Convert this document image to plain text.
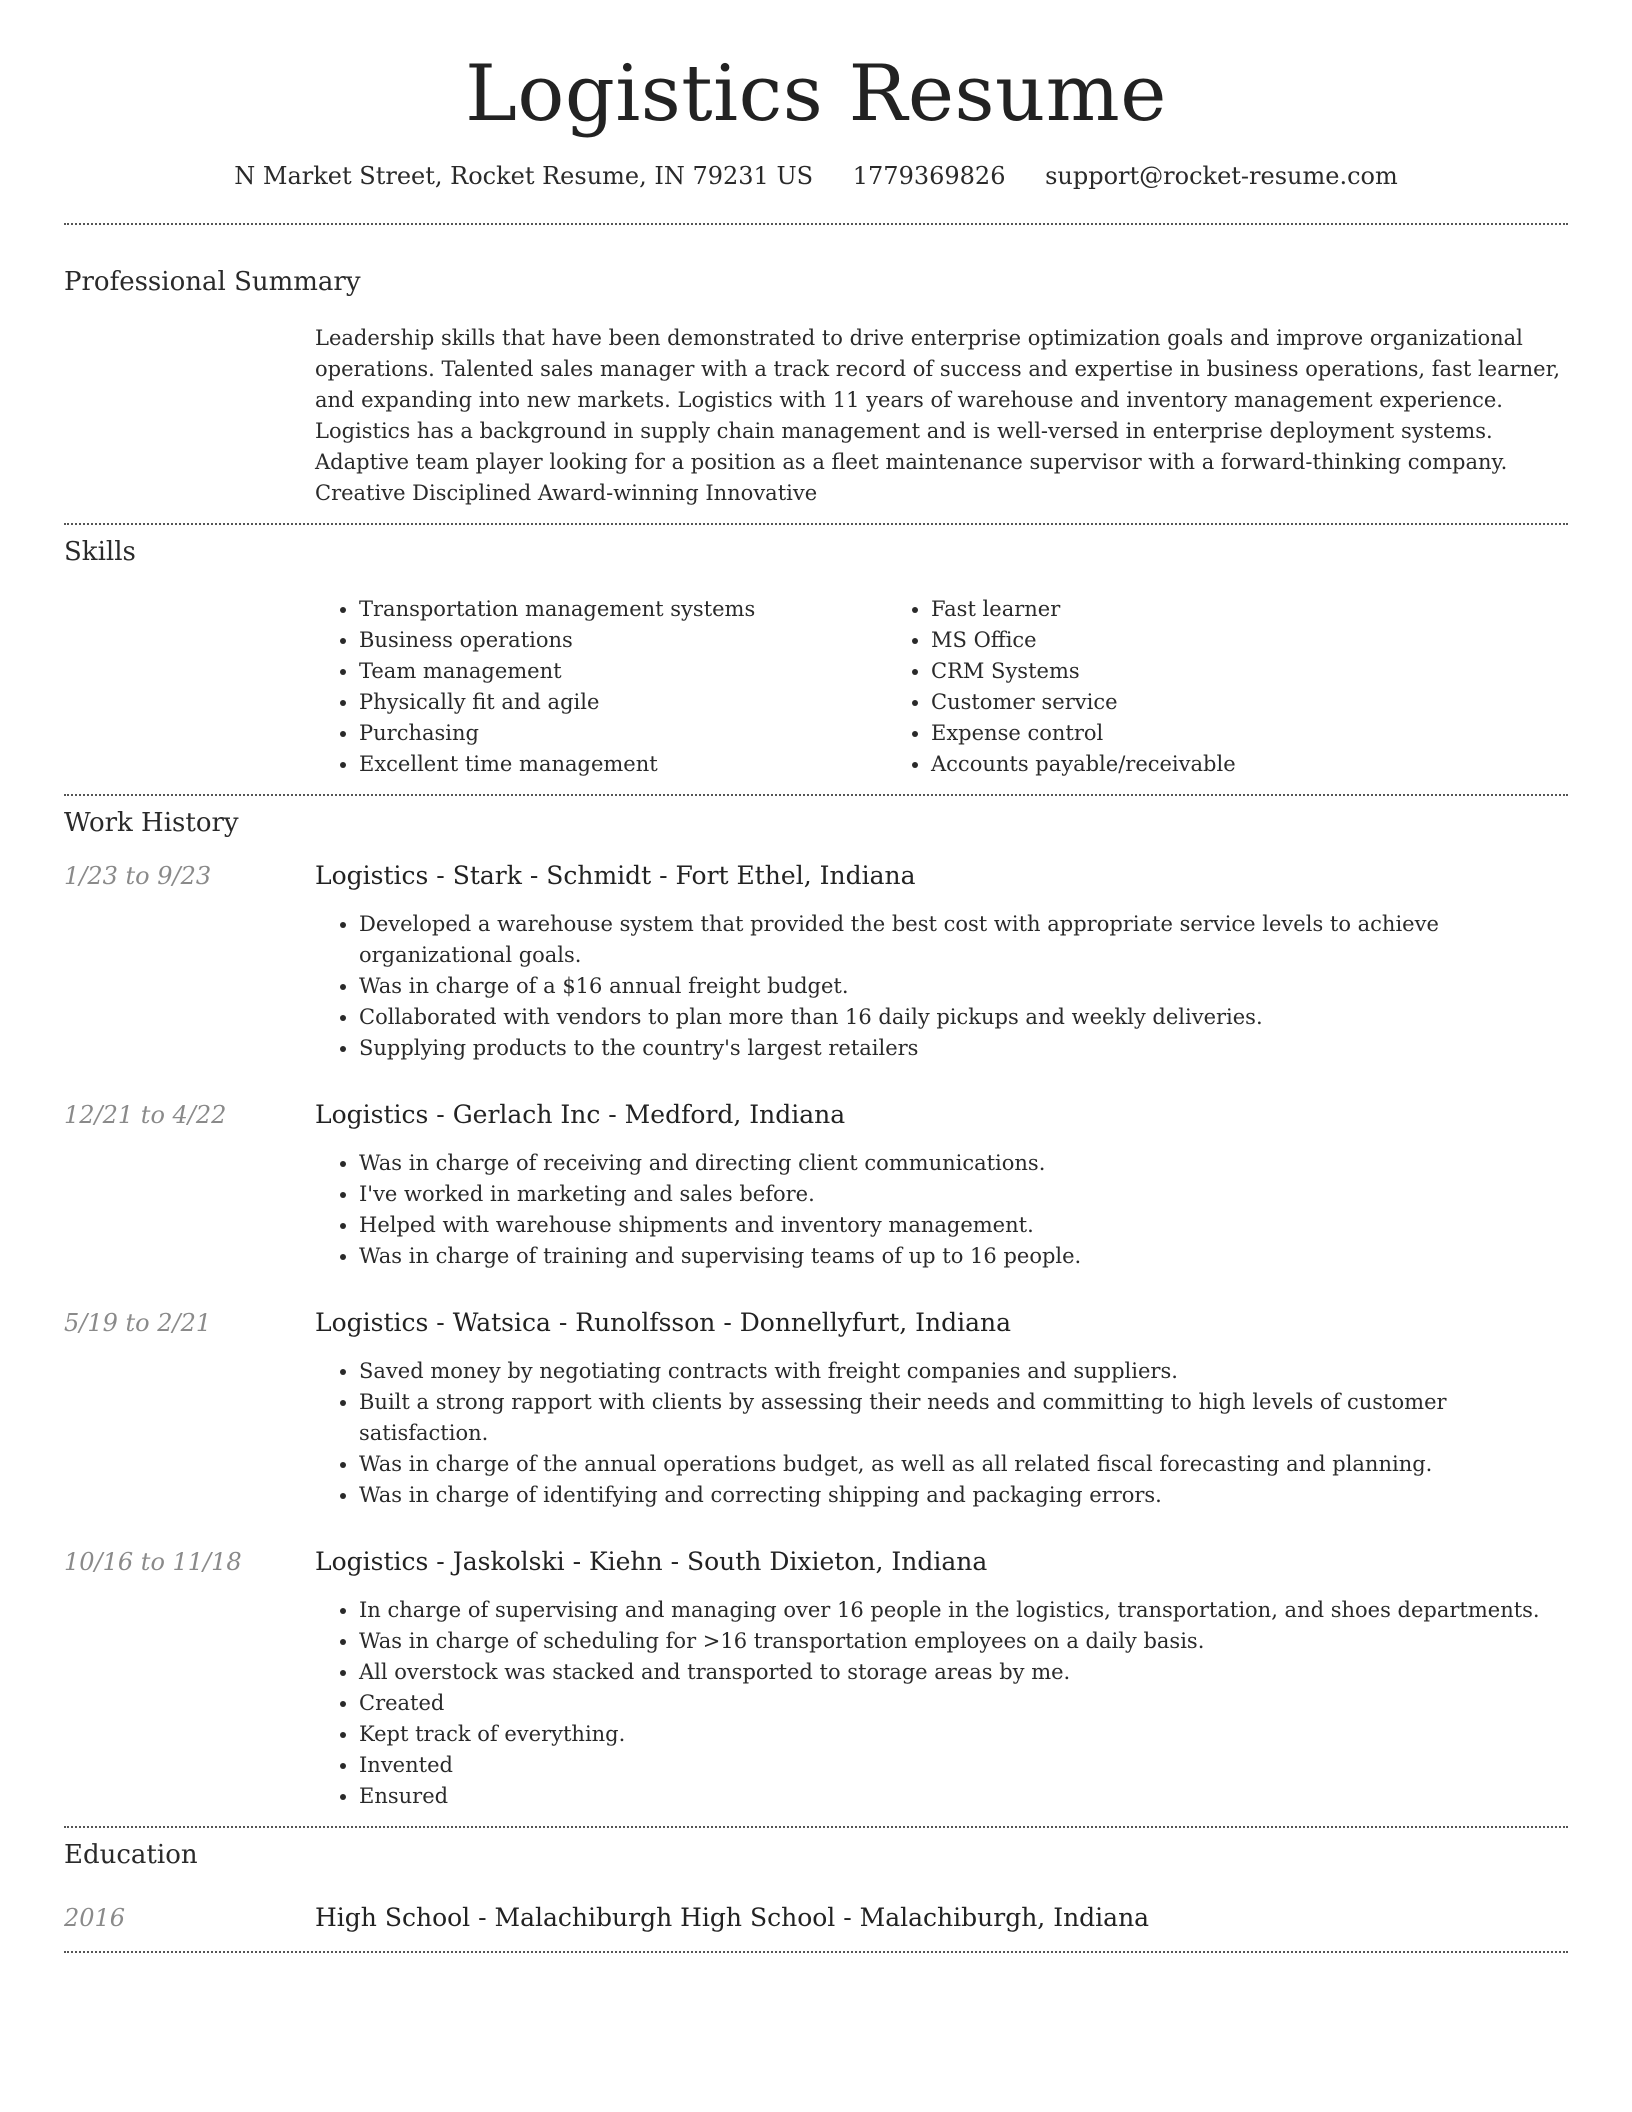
Logistics Resume
N Market Street, Rocket Resume, IN 79231 US 1779369826 support@rocket-resume.com
Professional Summary

Leadership skills that have been demonstrated to drive enterprise optimization goals and improve organizational operations. Talented sales manager with a track record of success and expertise in business operations, fast learner, and expanding into new markets. Logistics with 11 years of warehouse and inventory management experience. Logistics has a background in supply chain management and is well-versed in enterprise deployment systems. Adaptive team player looking for a position as a fleet maintenance supervisor with a forward-thinking company. Creative Disciplined Award-winning Innovative

Skills
• Transportation management systems
• Business operations
• Team management
• Physically fit and agile
• Purchasing
• Excellent time management
• Fast learner
• MS Office
• CRM Systems
• Customer service
• Expense control
• Accounts payable/receivable
Work History
1/23 to 9/23	Logistics - Stark - Schmidt - Fort Ethel, Indiana
• Developed a warehouse system that provided the best cost with appropriate service levels to achieve organizational goals.
• Was in charge of a $16 annual freight budget.
• Collaborated with vendors to plan more than 16 daily pickups and weekly deliveries.
• Supplying products to the country's largest retailers
12/21 to 4/22	Logistics - Gerlach Inc - Medford, Indiana
• Was in charge of receiving and directing client communications.
• I've worked in marketing and sales before.
• Helped with warehouse shipments and inventory management.
• Was in charge of training and supervising teams of up to 16 people.
5/19 to 2/21	Logistics - Watsica - Runolfsson - Donnellyfurt, Indiana
• Saved money by negotiating contracts with freight companies and suppliers.
• Built a strong rapport with clients by assessing their needs and committing to high levels of customer satisfaction.
• Was in charge of the annual operations budget, as well as all related fiscal forecasting and planning.
• Was in charge of identifying and correcting shipping and packaging errors.
10/16 to 11/18	Logistics - Jaskolski - Kiehn - South Dixieton, Indiana
• In charge of supervising and managing over 16 people in the logistics, transportation, and shoes departments.
• Was in charge of scheduling for >16 transportation employees on a daily basis.
• All overstock was stacked and transported to storage areas by me.
• Created
• Kept track of everything.
• Invented
• Ensured
Education
2016	High School - Malachiburgh High School - Malachiburgh, Indiana
